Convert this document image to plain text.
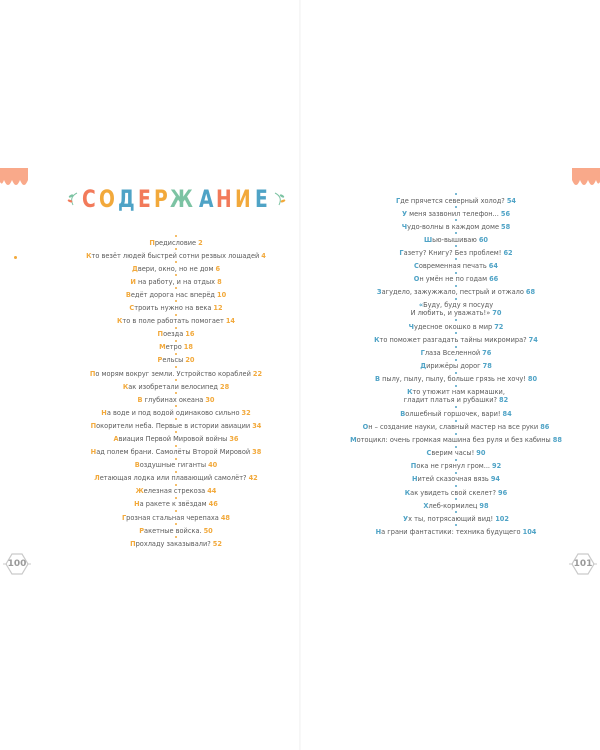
СОДЕРЖ АНИЕ
Предисловие 2
Кто везёт людей быстрей сотни резвых лошадей 4
Двери, окно, но не дом 6
И на работу, и на отдых 8
Ведёт дорога нас вперёд 10
Строить нужно на века 12
Кто в поле работать помогает 14
Поезда 16
Метро 18
Рельсы 20
По морям вокруг земли. Устройство кораблей 22
Как изобретали велосипед 28
В глубинах океана 30
На воде и под водой одинаково сильно 32
Покорители неба. Первые в истории авиации 34
Авиация Первой Мировой войны 36
Над полем брани. Самолёты Второй Мировой 38
Воздушные гиганты 40
Летающая лодка или плавающий самолёт? 42
Железная стрекоза 44
На ракете к звёздам 46
Грозная стальная черепаха 48
Ракетные войска. 50
Прохладу заказывали? 52
Где прячется северный холод? 54
У меня зазвонил телефон... 56
Чудо-волны в каждом доме 58
Шью-вышиваю 60
Газету? Книгу? Без проблем! 62
Современная печать 64
Он умён не по годам 66
Загудело, зажужжало, пестрый и отжало 68
«Буду, буду я посуду
И любить, и уважать!» 70
Чудесное окошко в мир 72
Кто поможет разгадать тайны микромира? 74
Глаза Вселенной 76
Дирижёры дорог 78
В пылу, пылу, пылу, больше грязь не хочу! 80
Кто утюжит нам кармашки,
гладит платья и рубашки? 82
Волшебный горшочек, вари! 84
Он – создание науки, славный мастер на все руки 86
Мотоцикл: очень громкая машина без руля и без кабины 88
Сверим часы! 90
Пока не грянул гром... 92
Нитей сказочная вязь 94
Как увидеть свой скелет? 96
Хлеб-кормилец 98
Ух ты, потрясающий вид! 102
На грани фантастики: техника будущего 104
100	101
